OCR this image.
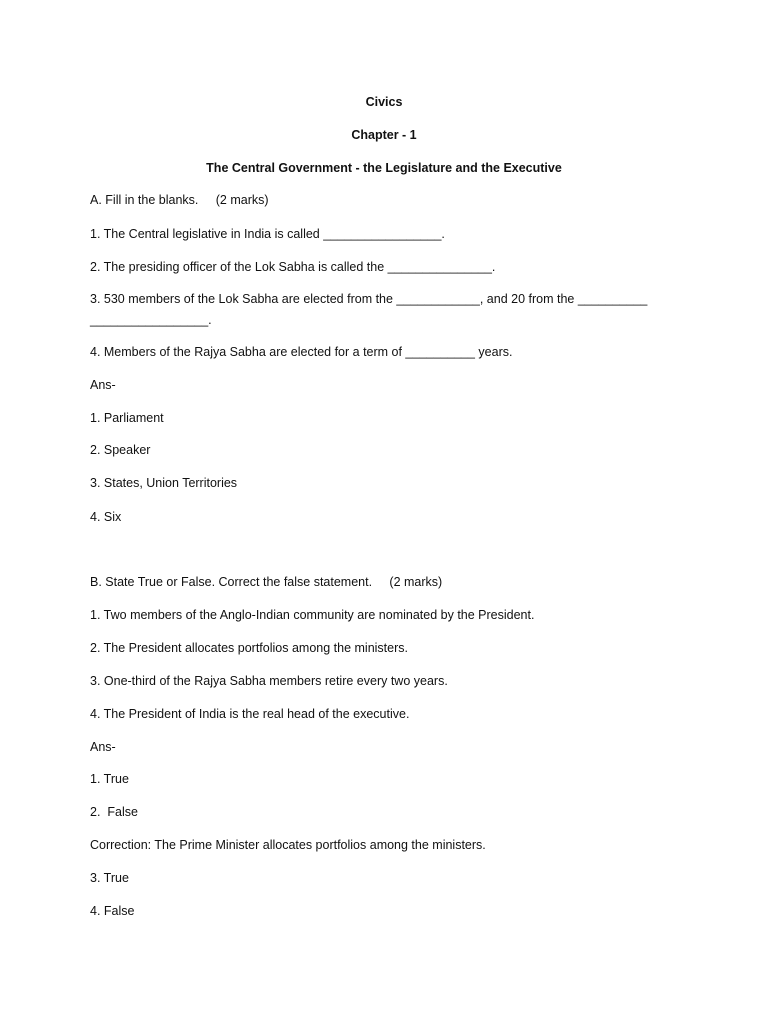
Civics
Chapter - 1
The Central Government - the Legislature and the Executive
A. Fill in the blanks.     (2 marks)
1. The Central legislative in India is called _________________.
2. The presiding officer of the Lok Sabha is called the _______________.
3. 530 members of the Lok Sabha are elected from the ____________, and 20 from the __________
_________________.
4. Members of the Rajya Sabha are elected for a term of __________ years.
Ans-
1. Parliament
2. Speaker
3. States, Union Territories
4. Six
B. State True or False. Correct the false statement.     (2 marks)
1. Two members of the Anglo-Indian community are nominated by the President.
2. The President allocates portfolios among the ministers.
3. One-third of the Rajya Sabha members retire every two years.
4. The President of India is the real head of the executive.
Ans-
1. True
2.  False
Correction: The Prime Minister allocates portfolios among the ministers.
3. True
4. False
